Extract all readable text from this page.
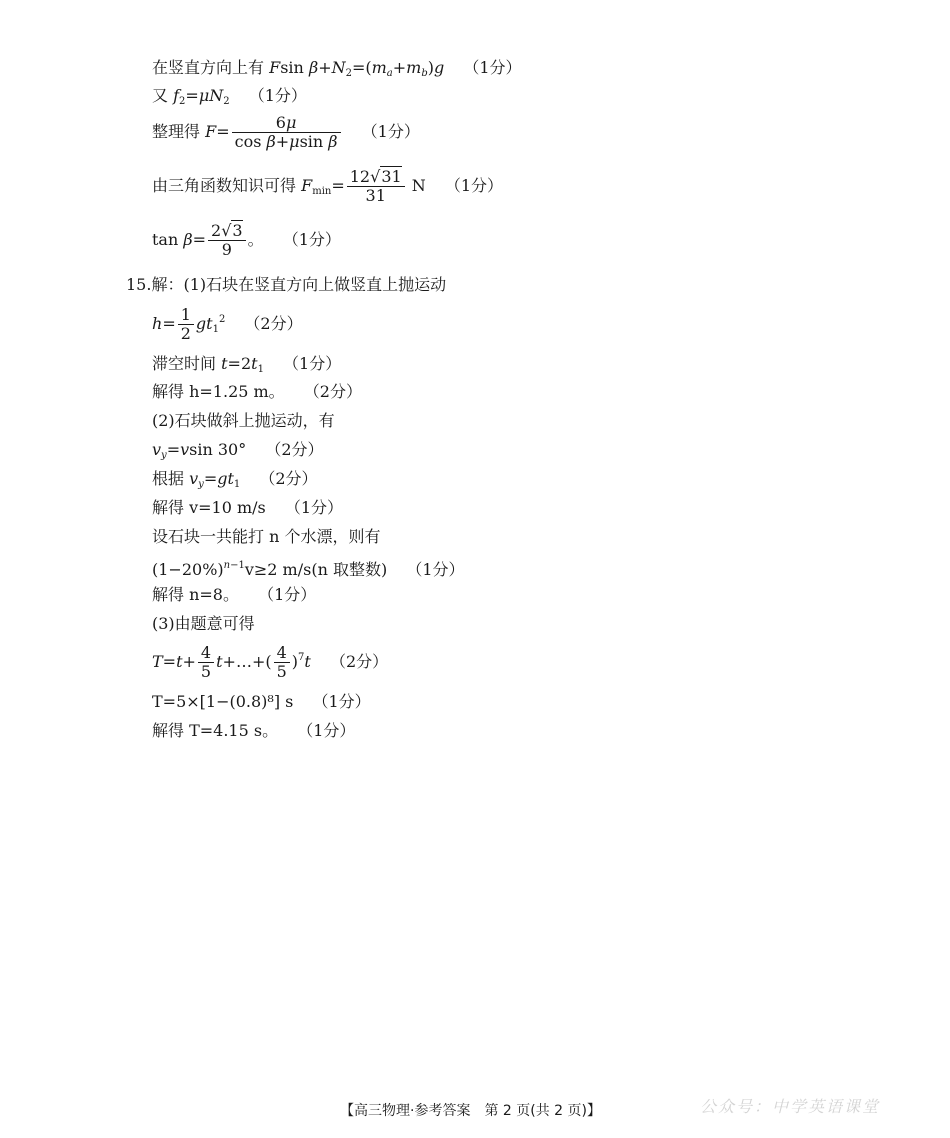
在竖直方向上有 Fsin $\beta+N_2=(m_a+m_b)g$ （1分）
又 $f_2=\mu N_2$ （1分）
整理得 $F= \frac{6\mu}{\text{cos β+μsin β}} (1$分）
由三角函数知识可得 $F_{min}= \frac{12√31}{31}$ N （1分）
$\tan \beta= \frac{2√3}{9}$ 。 （1分）
15.解：(1)石块在竖直方向上做竖直上抛运动
$h= \frac{1}{2} gt_1^2$ （2分）
滞空时间 $t=2t_1$ （1分）
解得 h=1.25 m。 （2分）
(2)石块做斜上抛运动，有
$v_y=vsin$ 30° （2分）
根据 $v_y=gt_1$ （2分）
解得 v=10 m/s （1分）
设石块一共能打 n 个水漂，则有
$(1-20\%)^{n-1}v\ge 2$ m/s(n 取整数) （1分）
解得 n=8。 （1分）
(3)由题意可得
$T=t+ \frac{4}{5}$ t+…+( $\frac{4}{5} )^7t$ （2分）
T=5×[1−(0.8)⁸] s （1分）
解得 T=4.15 s。 （1分）
【高三物理·参考答案　第 2 页(共 2 页)】	公众号：中学英语课堂
